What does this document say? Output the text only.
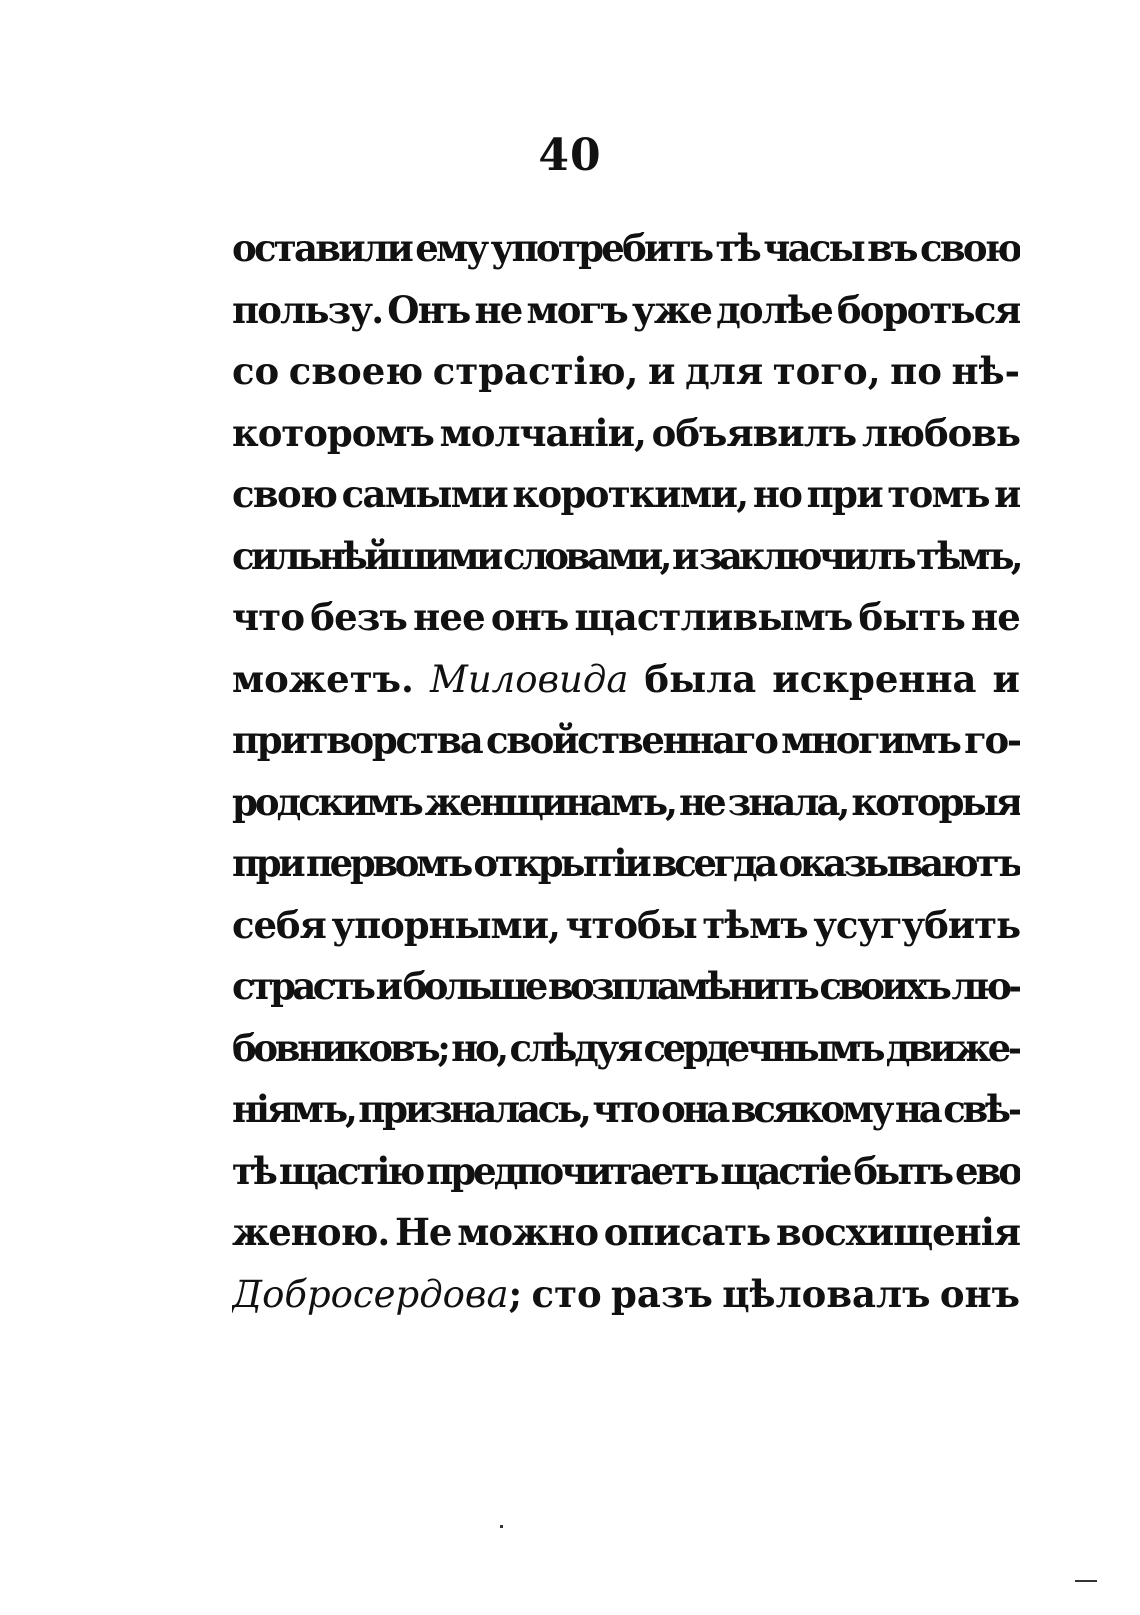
40
оставили ему употребить тѣ часы въ свою
пользу. Онъ не могъ уже долѣе бороться
со своею страстію, и для того, по нѣ-
которомъ молчаніи, объявилъ любовь
свою самыми короткими, но при томъ и
сильнѣйшими словами, и заключилъ тѣмъ,
что безъ нее онъ щастливымъ быть не
можетъ. Миловида была искренна и
притворства свойственнаго многимъ го-
родскимъ женщинамъ, не знала, которыя
при первомъ открытіи всегда оказываютъ
себя упорными, чтобы тѣмъ усугубить
страсть и больше возпламѣнить своихъ лю-
бовниковъ; но, слѣдуя сердечнымъ движе-
ніямъ, призналась, что она всякому на свѣ-
тѣ щастію предпочитаетъ щастіе быть ево
женою. Не можно описать восхищенія
Добросердова; сто разъ цѣловалъ онъ
